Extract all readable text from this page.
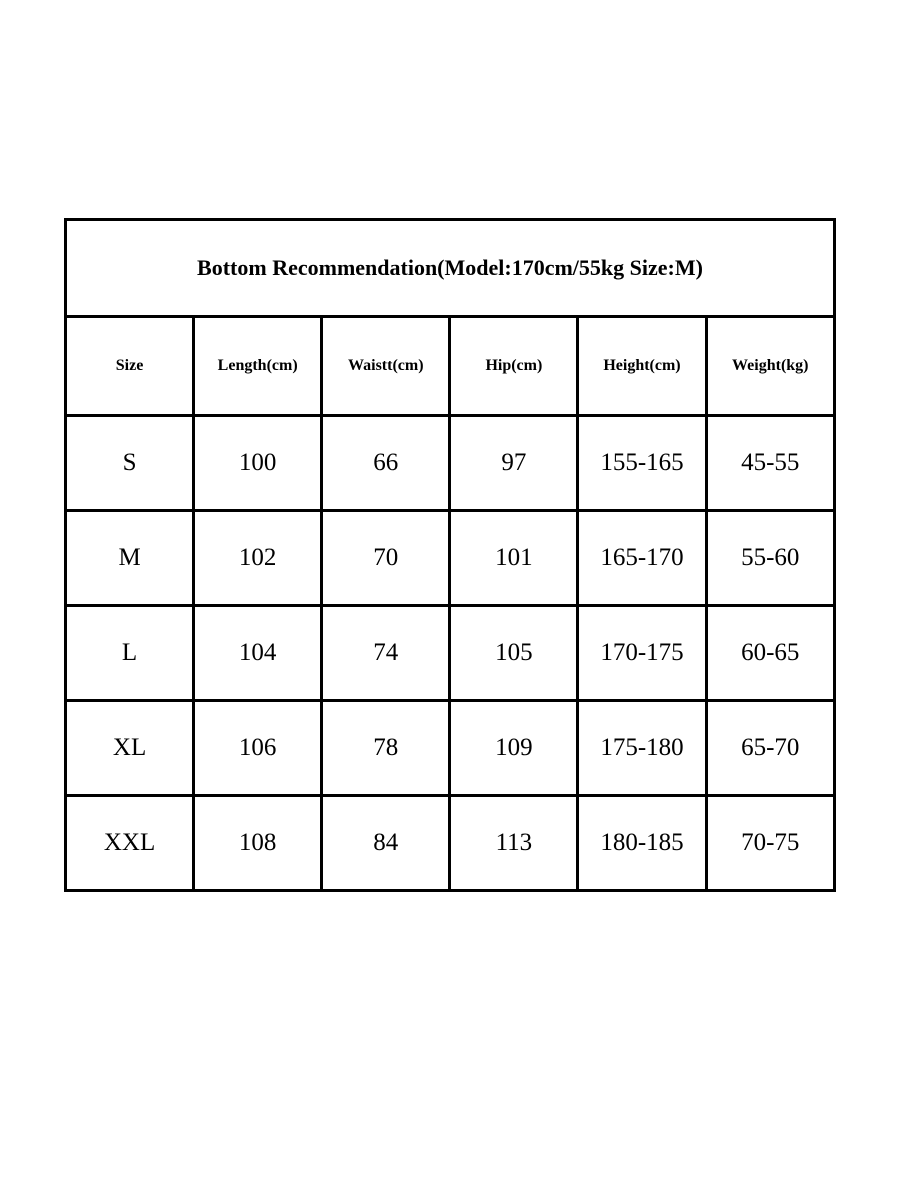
Bottom Recommendation(Model:170cm/55kg Size:M)					
Size	Length(cm)	Waistt(cm)	Hip(cm)	Height(cm)	Weight(kg)
S	100	66	97	155-165	45-55
M	102	70	101	165-170	55-60
L	104	74	105	170-175	60-65
XL	106	78	109	175-180	65-70
XXL	108	84	113	180-185	70-75
